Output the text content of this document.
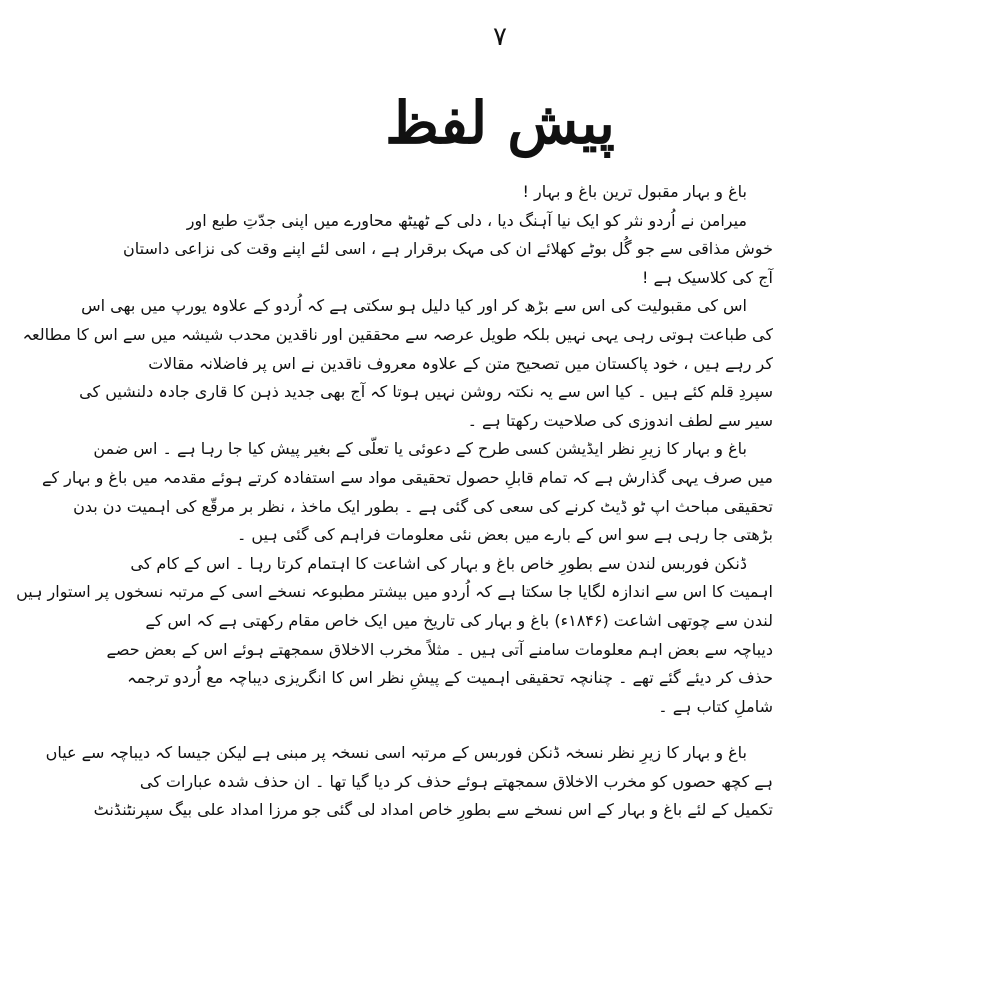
۷
پیش لفظ
باغ و بہار مقبول ترین باغ و بہار !
میرامن نے اُردو نثر کو ایک نیا آہنگ دیا ، دلی کے ٹھیٹھ محاورے میں اپنی جدّتِ طبع اور
خوش مذاقی سے جو گُل بوٹے کھلائے ان کی مہک برقرار ہے ، اسی لئے اپنے وقت کی نزاعی داستان
آج کی کلاسیک ہے !
اس کی مقبولیت کی اس سے بڑھ کر اور کیا دلیل ہو سکتی ہے کہ اُردو کے علاوہ یورپ میں بھی اس
کی طباعت ہوتی رہی یہی نہیں بلکہ طویل عرصہ سے محققین اور ناقدین محدب شیشہ میں سے اس کا مطالعہ
کر رہے ہیں ، خود پاکستان میں تصحیح متن کے علاوہ معروف ناقدین نے اس پر فاضلانہ مقالات
سپردِ قلم کئے ہیں ۔ کیا اس سے یہ نکتہ روشن نہیں ہوتا کہ آج بھی جدید ذہن کا قاری جادہ دلنشیں کی
سیر سے لطف اندوزی کی صلاحیت رکھتا ہے ۔
باغ و بہار کا زیرِ نظر ایڈیشن کسی طرح کے دعوئی یا تعلّی کے بغیر پیش کیا جا رہا ہے ۔ اس ضمن
میں صرف یہی گذارش ہے کہ تمام قابلِ حصول تحقیقی مواد سے استفادہ کرتے ہوئے مقدمہ میں باغ و بہار کے
تحقیقی مباحث اپ ٹو ڈیٹ کرنے کی سعی کی گئی ہے ۔ بطور ایک ماخذ ، نظر بر مرقّع کی اہمیت دن بدن
بڑھتی جا رہی ہے سو اس کے بارے میں بعض نئی معلومات فراہم کی گئی ہیں ۔
ڈنکن فوربس لندن سے بطورِ خاص باغ و بہار کی اشاعت کا اہتمام کرتا رہا ۔ اس کے کام کی
اہمیت کا اس سے اندازہ لگایا جا سکتا ہے کہ اُردو میں بیشتر مطبوعہ نسخے اسی کے مرتبہ نسخوں پر استوار ہیں
لندن سے چوتھی اشاعت (۱۸۴۶ء) باغ و بہار کی تاریخ میں ایک خاص مقام رکھتی ہے کہ اس کے
دیباچہ سے بعض اہم معلومات سامنے آتی ہیں ۔ مثلاً مخرب الاخلاق سمجھتے ہوئے اس کے بعض حصے
حذف کر دیئے گئے تھے ۔ چنانچہ تحقیقی اہمیت کے پیشِ نظر اس کا انگریزی دیباچہ مع اُردو ترجمہ
شاملِ کتاب ہے ۔
باغ و بہار کا زیرِ نظر نسخہ ڈنکن فوربس کے مرتبہ اسی نسخہ پر مبنی ہے لیکن جیسا کہ دیباچہ سے عیاں
ہے کچھ حصوں کو مخرب الاخلاق سمجھتے ہوئے حذف کر دیا گیا تھا ۔ ان حذف شدہ عبارات کی
تکمیل کے لئے باغ و بہار کے اس نسخے سے بطورِ خاص امداد لی گئی جو مرزا امداد علی بیگ سپرنٹنڈنٹ
